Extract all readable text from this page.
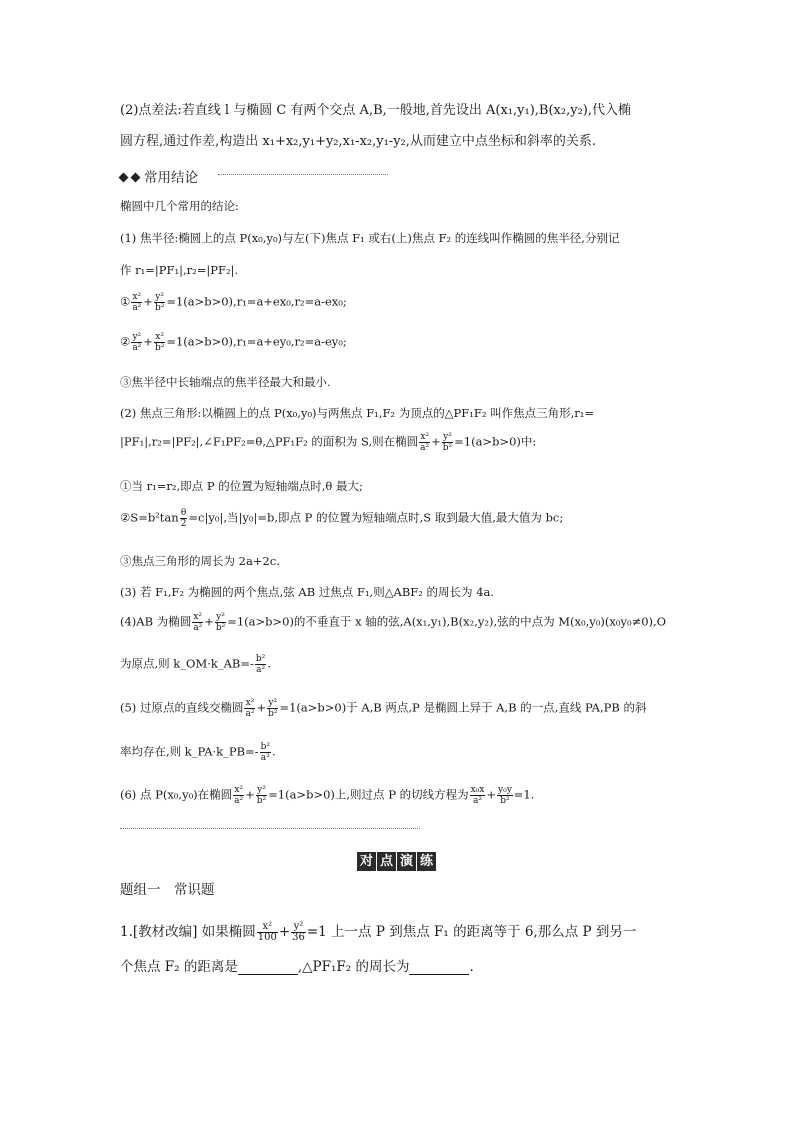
(2)点差法:若直线 l 与椭圆 C 有两个交点 A,B,一般地,首先设出 A(x₁,y₁),B(x₂,y₂),代入椭
圆方程,通过作差,构造出 x₁+x₂,y₁+y₂,x₁-x₂,y₁-y₂,从而建立中点坐标和斜率的关系.
常用结论
椭圆中几个常用的结论:
(1) 焦半径:椭圆上的点 P(x₀,y₀)与左(下)焦点 F₁ 或右(上)焦点 F₂ 的连线叫作椭圆的焦半径,分别记
作 r₁=|PF₁|,r₂=|PF₂|.
① $\frac{\text{x²}}{\text{a²}} + \frac{\text{y²}}{\text{b²}} =1(a>b>0),r_1=a+ex_0,r_2=a-ex_0$;
② $\frac{\text{y²}}{\text{a²}} + \frac{\text{x²}}{\text{b²}} =1(a>b>0),r_1=a+ey_0,r_2=a-ey_0$;
③焦半径中长轴端点的焦半径最大和最小.
(2) 焦点三角形:以椭圆上的点 P(x₀,y₀)与两焦点 F₁,F₂ 为顶点的△PF₁F₂ 叫作焦点三角形,r₁=
|PF₁|,r₂=|PF₂|,∠F₁PF₂=θ,△PF₁F₂ 的面积为 S,则在椭圆 $\frac{\text{x²}}{\text{a²}} + \frac{\text{y²}}{\text{b²}} =1(a>b>0)$中:
①当 r₁=r₂,即点 P 的位置为短轴端点时,θ 最大;
②S=b²tan $\frac{\theta}{2} =c|y_0|$,当|y₀|=b,即点 P 的位置为短轴端点时,S 取到最大值,最大值为 bc;
③焦点三角形的周长为 2a+2c.
(3) 若 F₁,F₂ 为椭圆的两个焦点,弦 AB 过焦点 F₁,则△ABF₂ 的周长为 4a.
(4)AB 为椭圆 $\frac{\text{x²}}{\text{a²}} + \frac{\text{y²}}{\text{b²}} =1(a>b>0)$的不垂直于 x 轴的弦,A(x₁,y₁),B(x₂,y₂),弦的中点为 M(x₀,y₀)(x₀y₀≠0),O
为原点,则 k_OM·k_AB=- $\frac{\text{b²}}{\text{a²}}$ .
(5) 过原点的直线交椭圆 $\frac{\text{x²}}{\text{a²}} + \frac{\text{y²}}{\text{b²}} =1(a>b>0)$于 A,B 两点,P 是椭圆上异于 A,B 的一点,直线 PA,PB 的斜
率均存在,则 k_PA·k_PB=- $\frac{\text{b²}}{\text{a²}}$ .
(6) 点 P(x₀,y₀)在椭圆 $\frac{\text{x²}}{\text{a²}} + \frac{\text{y²}}{\text{b²}} =1(a>b>0)$上,则过点 P 的切线方程为 $\frac{\text{x₀x}}{\text{a²}} + \frac{\text{y₀y}}{\text{b²}} =1$.
对 点 演 练
题组一　常识题
1.[教材改编] 如果椭圆 $\frac{\text{x²}}{100} + \frac{\text{y²}}{36} =1$ 上一点 P 到焦点 F₁ 的距离等于 6,那么点 P 到另一
个焦点 F₂ 的距离是	,△PF₁F₂ 的周长为	.
